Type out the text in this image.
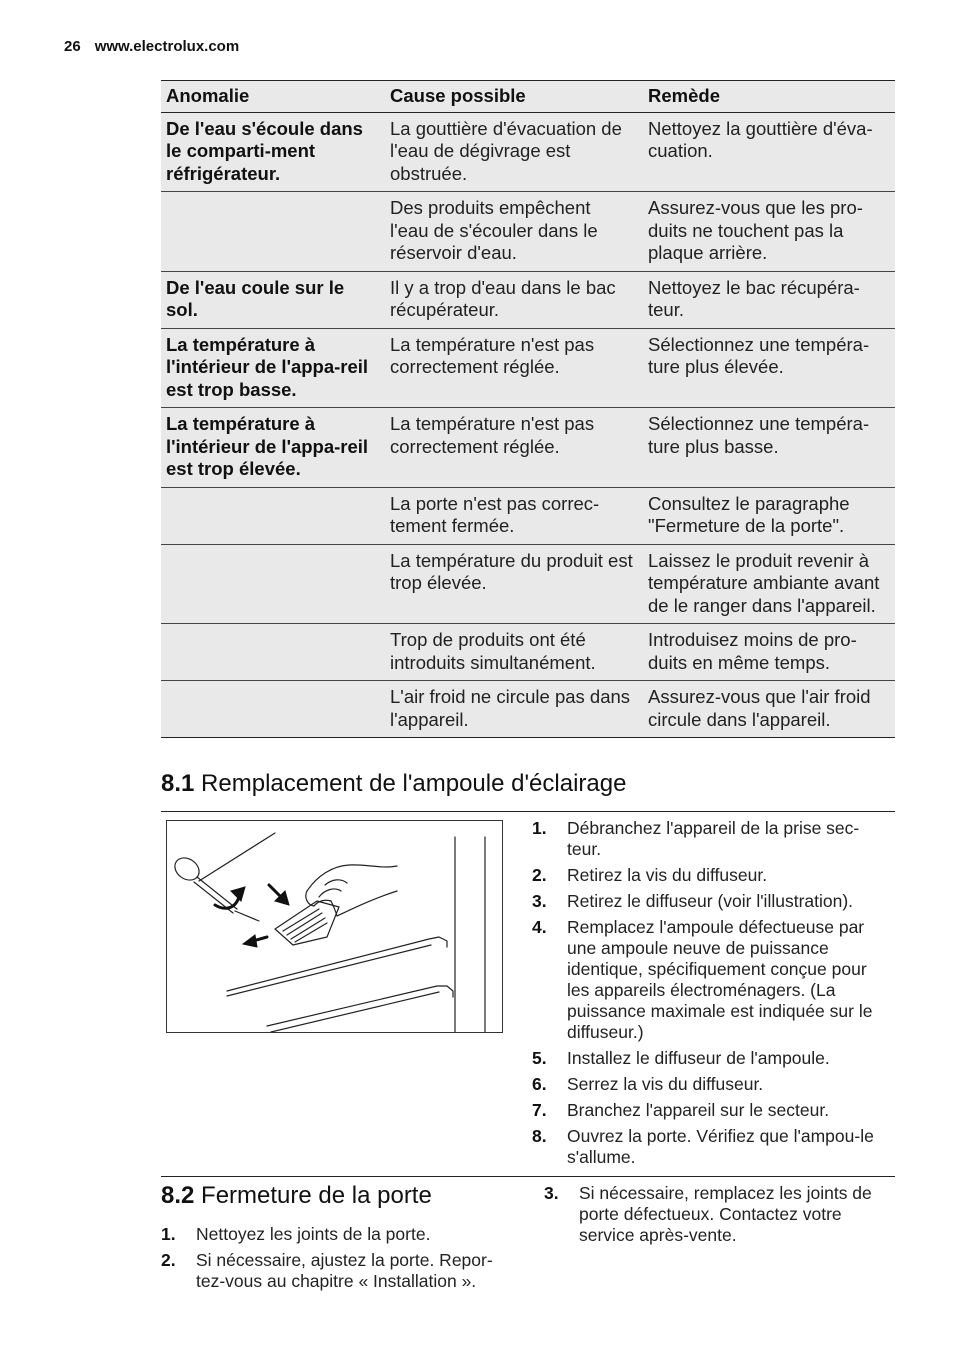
26 www.electrolux.com
Anomalie	Cause possible	Remède
De l'eau s'écoule dans le comparti-ment réfrigérateur.	La gouttière d'évacuation de l'eau de dégivrage est obstruée.	Nettoyez la gouttière d'éva-cuation.
	Des produits empêchent l'eau de s'écouler dans le réservoir d'eau.	Assurez-vous que les pro-duits ne touchent pas la plaque arrière.
De l'eau coule sur le sol.	Il y a trop d'eau dans le bac récupérateur.	Nettoyez le bac récupéra-teur.
La température à l'intérieur de l'appa-reil est trop basse.	La température n'est pas correctement réglée.	Sélectionnez une tempéra-ture plus élevée.
La température à l'intérieur de l'appa-reil est trop élevée.	La température n'est pas correctement réglée.	Sélectionnez une tempéra-ture plus basse.
	La porte n'est pas correc-tement fermée.	Consultez le paragraphe "Fermeture de la porte".
	La température du produit est trop élevée.	Laissez le produit revenir à température ambiante avant de le ranger dans l'appareil.
	Trop de produits ont été introduits simultanément.	Introduisez moins de pro-duits en même temps.
	L'air froid ne circule pas dans l'appareil.	Assurez-vous que l'air froid circule dans l'appareil.
8.1 Remplacement de l'ampoule d'éclairage
1. Débranchez l'appareil de la prise sec-teur.
2. Retirez la vis du diffuseur.
3. Retirez le diffuseur (voir l'illustration).
4. Remplacez l'ampoule défectueuse par une ampoule neuve de puissance identique, spécifiquement conçue pour les appareils électroménagers. (La puissance maximale est indiquée sur le diffuseur.)
5. Installez le diffuseur de l'ampoule.
6. Serrez la vis du diffuseur.
7. Branchez l'appareil sur le secteur.
8. Ouvrez la porte. Vérifiez que l'ampou-le s'allume.
8.2 Fermeture de la porte
1. Nettoyez les joints de la porte.
2. Si nécessaire, ajustez la porte. Repor-tez-vous au chapitre « Installation ».
3. Si nécessaire, remplacez les joints de porte défectueux. Contactez votre service après-vente.
